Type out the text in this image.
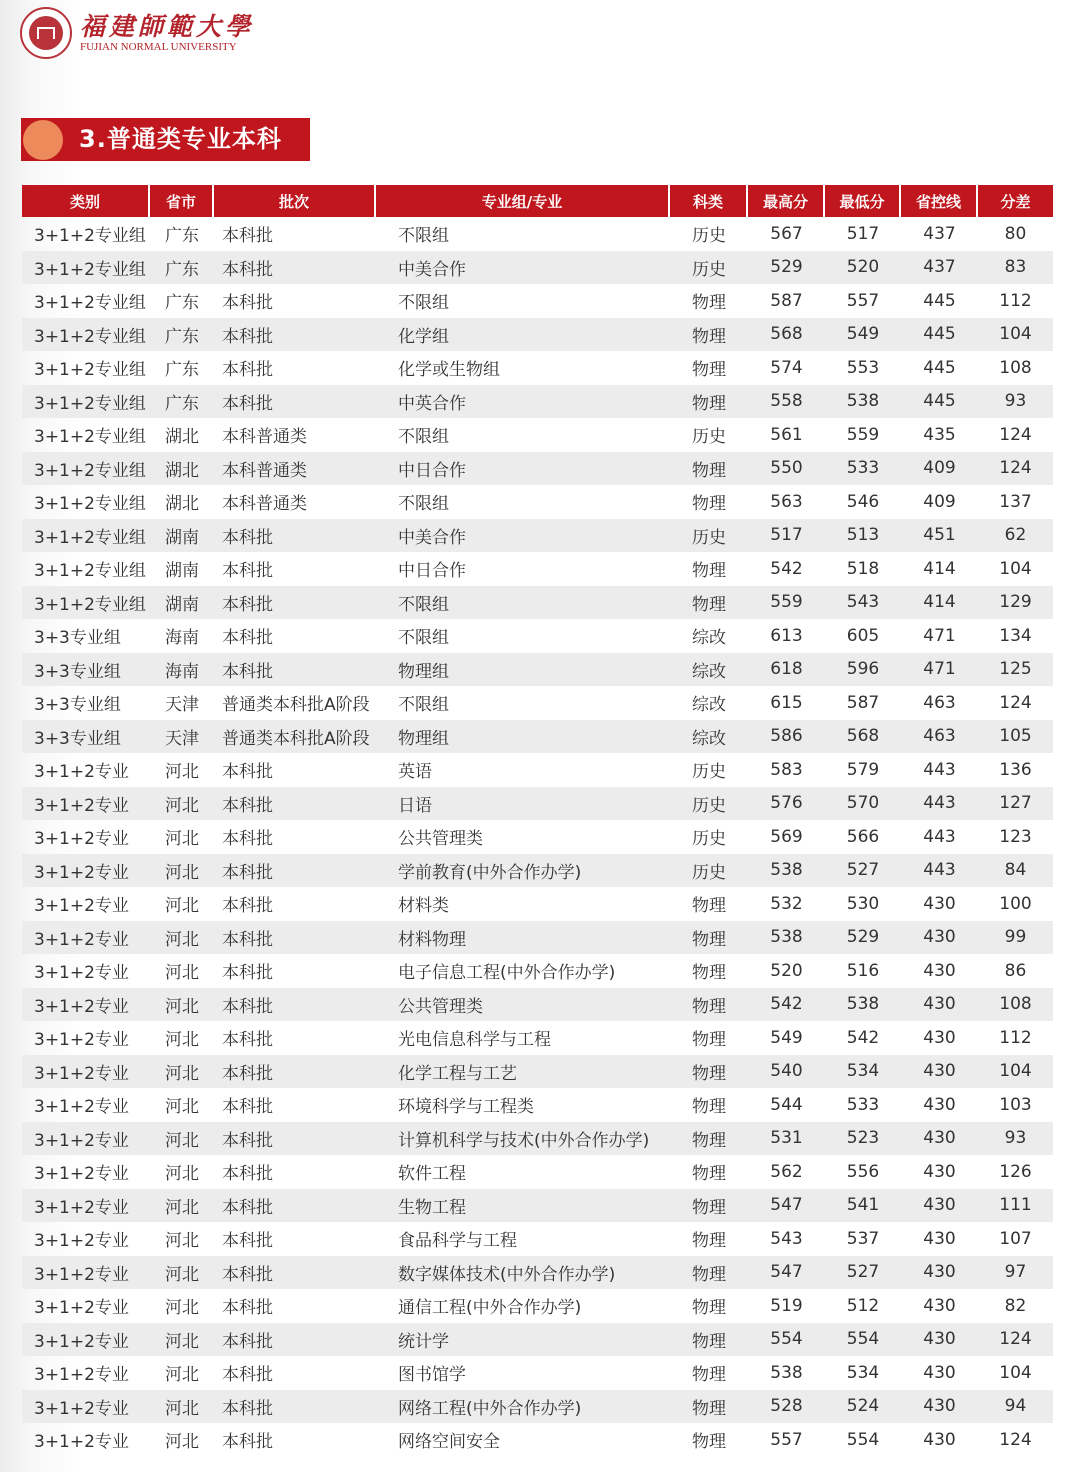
福建師範大學
FUJIAN NORMAL UNIVERSITY
3.普通类专业本科
类别	省市	批次	专业组/专业	科类	最高分	最低分	省控线	分差
3+1+2专业组	广东	本科批	不限组	历史	567	517	437	80
3+1+2专业组	广东	本科批	中美合作	历史	529	520	437	83
3+1+2专业组	广东	本科批	不限组	物理	587	557	445	112
3+1+2专业组	广东	本科批	化学组	物理	568	549	445	104
3+1+2专业组	广东	本科批	化学或生物组	物理	574	553	445	108
3+1+2专业组	广东	本科批	中英合作	物理	558	538	445	93
3+1+2专业组	湖北	本科普通类	不限组	历史	561	559	435	124
3+1+2专业组	湖北	本科普通类	中日合作	物理	550	533	409	124
3+1+2专业组	湖北	本科普通类	不限组	物理	563	546	409	137
3+1+2专业组	湖南	本科批	中美合作	历史	517	513	451	62
3+1+2专业组	湖南	本科批	中日合作	物理	542	518	414	104
3+1+2专业组	湖南	本科批	不限组	物理	559	543	414	129
3+3专业组	海南	本科批	不限组	综改	613	605	471	134
3+3专业组	海南	本科批	物理组	综改	618	596	471	125
3+3专业组	天津	普通类本科批A阶段	不限组	综改	615	587	463	124
3+3专业组	天津	普通类本科批A阶段	物理组	综改	586	568	463	105
3+1+2专业	河北	本科批	英语	历史	583	579	443	136
3+1+2专业	河北	本科批	日语	历史	576	570	443	127
3+1+2专业	河北	本科批	公共管理类	历史	569	566	443	123
3+1+2专业	河北	本科批	学前教育(中外合作办学)	历史	538	527	443	84
3+1+2专业	河北	本科批	材料类	物理	532	530	430	100
3+1+2专业	河北	本科批	材料物理	物理	538	529	430	99
3+1+2专业	河北	本科批	电子信息工程(中外合作办学)	物理	520	516	430	86
3+1+2专业	河北	本科批	公共管理类	物理	542	538	430	108
3+1+2专业	河北	本科批	光电信息科学与工程	物理	549	542	430	112
3+1+2专业	河北	本科批	化学工程与工艺	物理	540	534	430	104
3+1+2专业	河北	本科批	环境科学与工程类	物理	544	533	430	103
3+1+2专业	河北	本科批	计算机科学与技术(中外合作办学)	物理	531	523	430	93
3+1+2专业	河北	本科批	软件工程	物理	562	556	430	126
3+1+2专业	河北	本科批	生物工程	物理	547	541	430	111
3+1+2专业	河北	本科批	食品科学与工程	物理	543	537	430	107
3+1+2专业	河北	本科批	数字媒体技术(中外合作办学)	物理	547	527	430	97
3+1+2专业	河北	本科批	通信工程(中外合作办学)	物理	519	512	430	82
3+1+2专业	河北	本科批	统计学	物理	554	554	430	124
3+1+2专业	河北	本科批	图书馆学	物理	538	534	430	104
3+1+2专业	河北	本科批	网络工程(中外合作办学)	物理	528	524	430	94
3+1+2专业	河北	本科批	网络空间安全	物理	557	554	430	124
